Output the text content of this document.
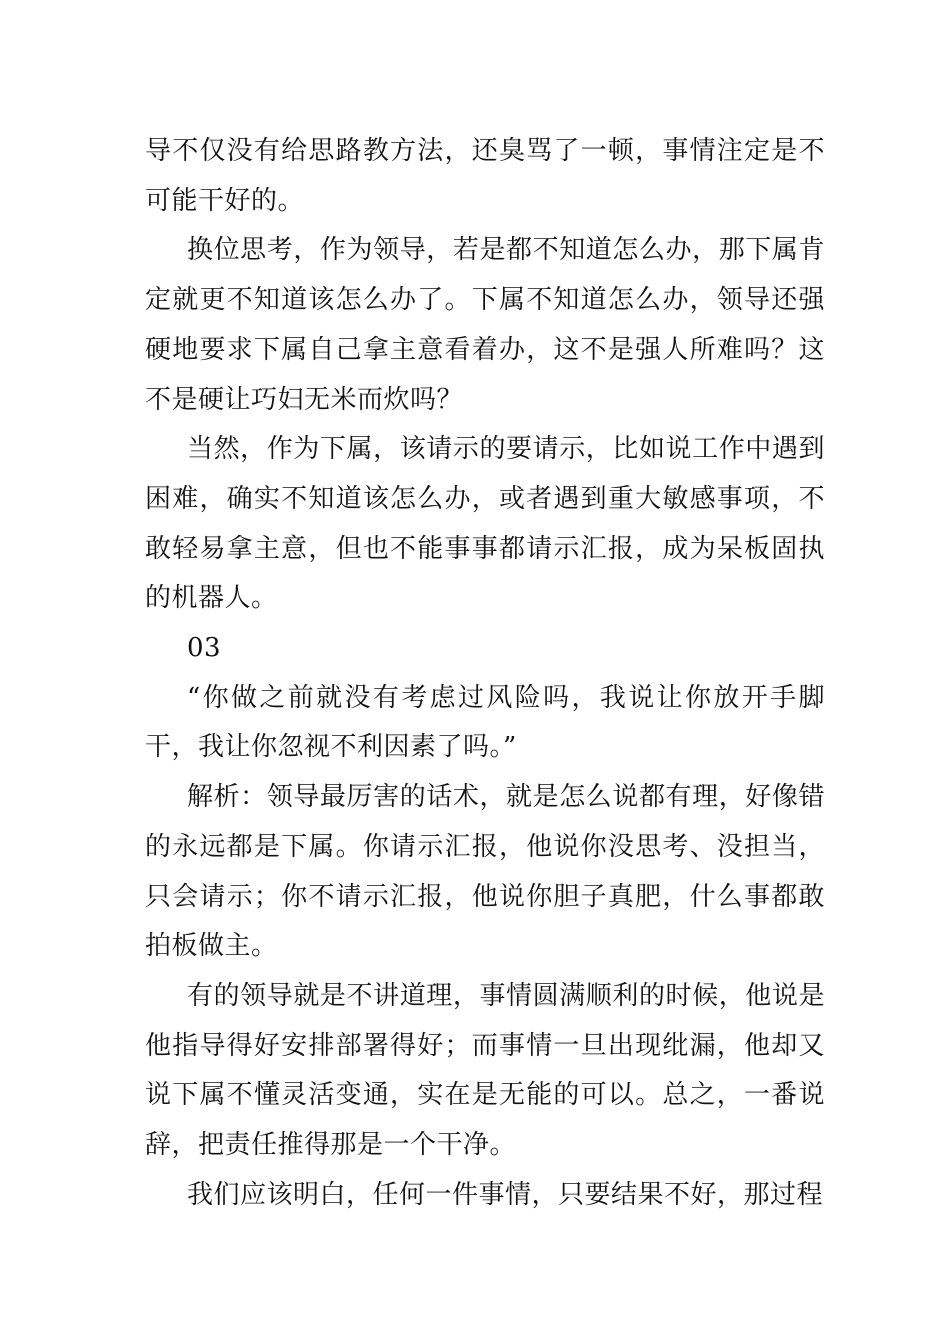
导不仅没有给思路教方法，还臭骂了一顿，事情注定是不可能干好的。

换位思考，作为领导，若是都不知道怎么办，那下属肯定就更不知道该怎么办了。下属不知道怎么办，领导还强硬地要求下属自己拿主意看着办，这不是强人所难吗？这不是硬让巧妇无米而炊吗？

当然，作为下属，该请示的要请示，比如说工作中遇到困难，确实不知道该怎么办，或者遇到重大敏感事项，不敢轻易拿主意，但也不能事事都请示汇报，成为呆板固执的机器人。

03

“你做之前就没有考虑过风险吗，我说让你放开手脚干，我让你忽视不利因素了吗。”

解析：领导最厉害的话术，就是怎么说都有理，好像错的永远都是下属。你请示汇报，他说你没思考、没担当，只会请示；你不请示汇报，他说你胆子真肥，什么事都敢拍板做主。

有的领导就是不讲道理，事情圆满顺利的时候，他说是他指导得好安排部署得好；而事情一旦出现纰漏，他却又说下属不懂灵活变通，实在是无能的可以。总之，一番说辞，把责任推得那是一个干净。

我们应该明白，任何一件事情，只要结果不好，那过程
